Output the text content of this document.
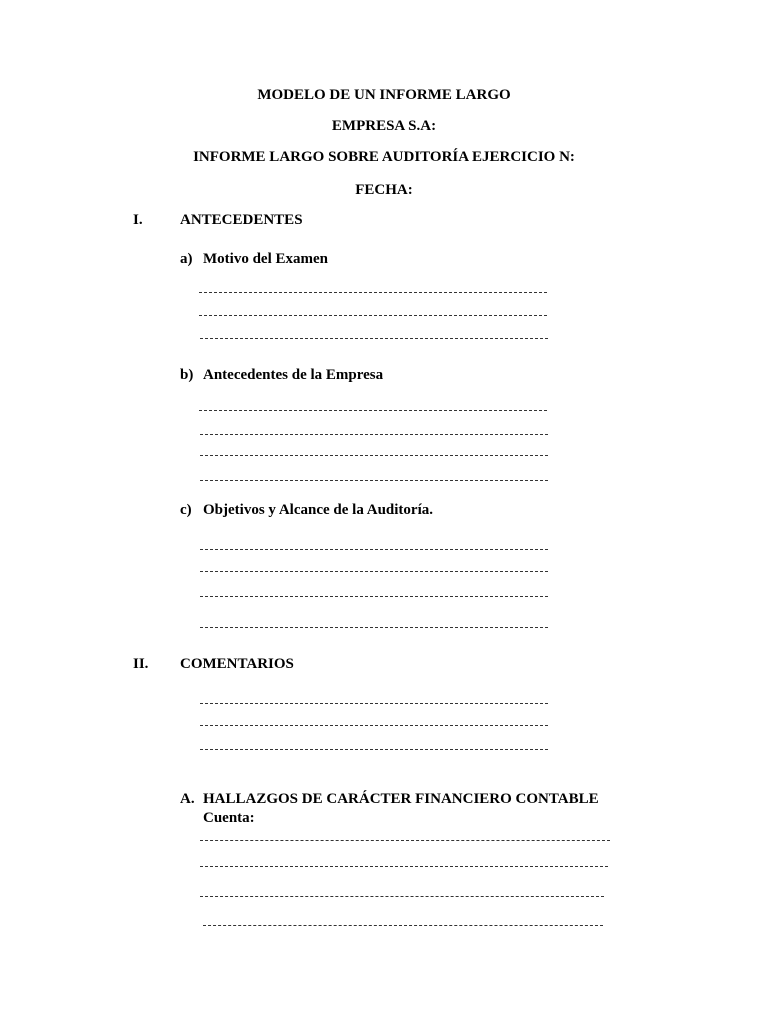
MODELO DE UN INFORME LARGO
EMPRESA S.A:
INFORME LARGO SOBRE AUDITORÍA EJERCICIO N:
FECHA:
I. ANTECEDENTES
a) Motivo del Examen
b) Antecedentes de la Empresa
c) Objetivos y Alcance de la Auditoría.
II. COMENTARIOS
A. HALLAZGOS DE CARÁCTER FINANCIERO CONTABLE
Cuenta:
